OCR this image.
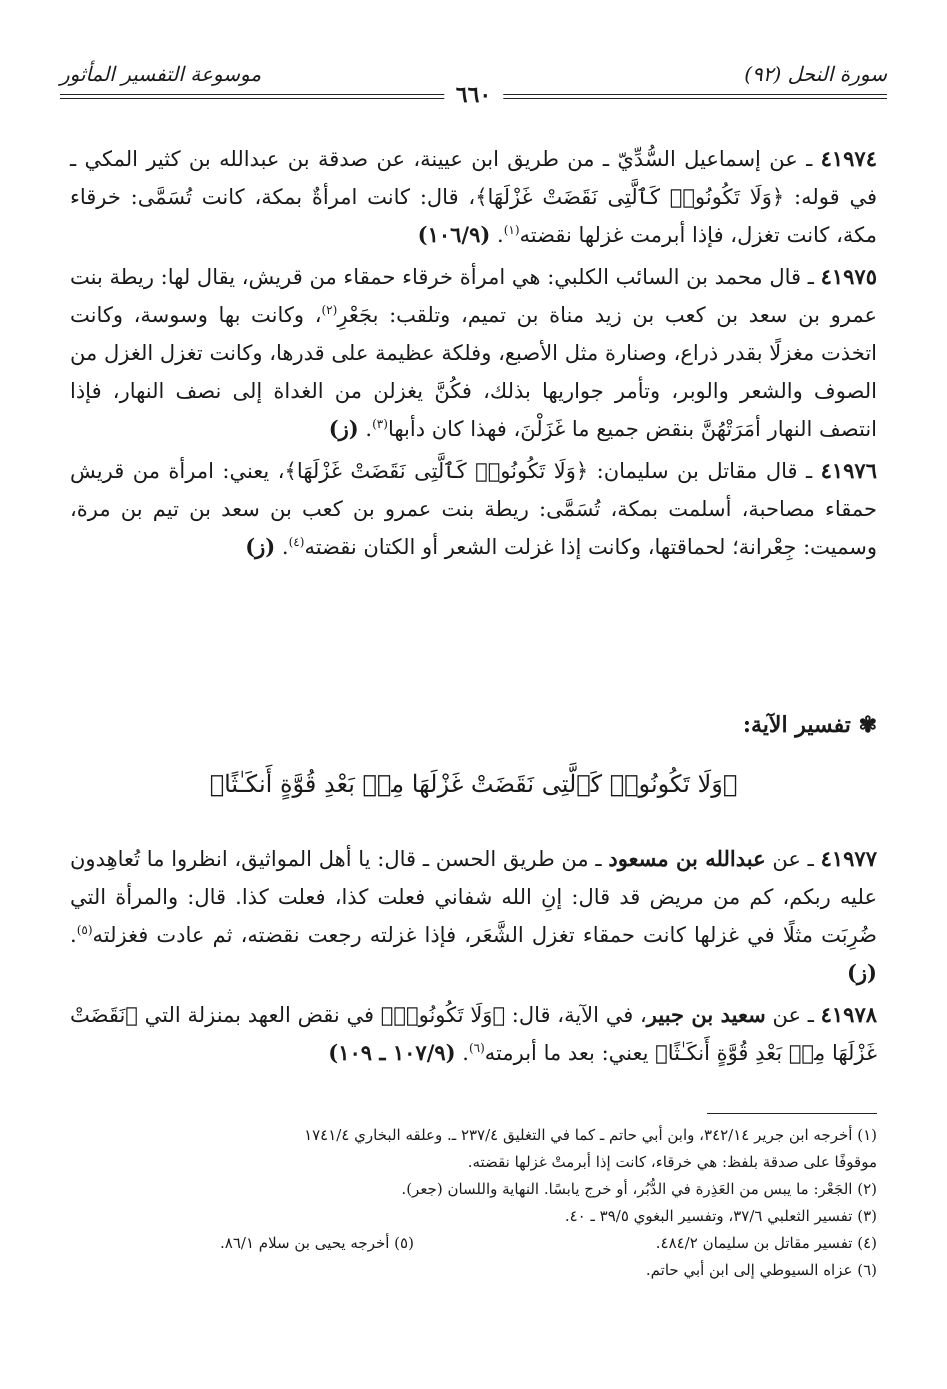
سورة النحل (٩٢)
موسوعة التفسير المأثور
٦٦٠

٤١٩٧٤ ـ عن إسماعيل السُّدِّيّ ـ من طريق ابن عيينة، عن صدقة بن عبدالله بن كثير المكي ـ في قوله: ﴿وَلَا تَكُونُوا۟ كَٱلَّتِى نَقَضَتْ غَزْلَهَا﴾، قال: كانت امرأةٌ بمكة، كانت تُسَمَّى: خرقاء مكة، كانت تغزل، فإذا أبرمت غزلها نقضته$^{(١)}$. (١٠٦/٩)

٤١٩٧٥ ـ قال محمد بن السائب الكلبي: هي امرأة خرقاء حمقاء من قريش، يقال لها: ريطة بنت عمرو بن سعد بن كعب بن زيد مناة بن تميم، وتلقب: بجَعْرِ$^{(٢)}$، وكانت بها وسوسة، وكانت اتخذت مغزلًا بقدر ذراع، وصنارة مثل الأصبع، وفلكة عظيمة على قدرها، وكانت تغزل الغزل من الصوف والشعر والوبر، وتأمر جواريها بذلك، فكُنَّ يغزلن من الغداة إلى نصف النهار، فإذا انتصف النهار أمَرَتْهُنَّ بنقض جميع ما غَزَلْنَ، فهذا كان دأبها$^{(٣)}$. (ز)

٤١٩٧٦ ـ قال مقاتل بن سليمان: ﴿وَلَا تَكُونُوا۟ كَٱلَّتِى نَقَضَتْ غَزْلَهَا﴾، يعني: امرأة من قريش حمقاء مصاحبة، أسلمت بمكة، تُسَمَّى: ريطة بنت عمرو بن كعب بن سعد بن تيم بن مرة، وسميت: جِعْرانة؛ لحماقتها، وكانت إذا غزلت الشعر أو الكتان نقضته$^{(٤)}$. (ز)

✾ تفسير الآية:
﴿وَلَا تَكُونُوا۟ كَٱلَّتِى نَقَضَتْ غَزْلَهَا مِنۢ بَعْدِ قُوَّةٍ أَنكَـٰثًا﴾

٤١٩٧٧ ـ عن عبدالله بن مسعود ـ من طريق الحسن ـ قال: يا أهل المواثيق، انظروا ما تُعاهِدون عليه ربكم، كم من مريض قد قال: إنِ الله شفاني فعلت كذا، فعلت كذا. قال: والمرأة التي ضُرِبَت مثلًا في غزلها كانت حمقاء تغزل الشَّعَر، فإذا غزلته رجعت نقضته، ثم عادت فغزلته$^{(٥)}$. (ز)

٤١٩٧٨ ـ عن سعيد بن جبير، في الآية، قال: ﴿وَلَا تَكُونُوا۟﴾ في نقض العهد بمنزلة التي ﴿نَقَضَتْ غَزْلَهَا مِنۢ بَعْدِ قُوَّةٍ أَنكَـٰثًا﴾ يعني: بعد ما أبرمته$^{(٦)}$. (١٠٧/٩ ـ ١٠٩)

(١) أخرجه ابن جرير ٣٤٢/١٤، وابن أبي حاتم ـ كما في التغليق ٢٣٧/٤ ـ. وعلقه البخاري ١٧٤١/٤
موقوفًا على صدقة بلفظ: هي خرقاء، كانت إذا أبرمتْ غزلها نقضته.
(٢) الجَعْر: ما يبس من العَذِرة في الدُّبُر، أو خرج يابسًا. النهاية واللسان (جعر).
(٣) تفسير الثعلبي ٣٧/٦، وتفسير البغوي ٣٩/٥ ـ ٤٠.
(٤) تفسير مقاتل بن سليمان ٤٨٤/٢.
(٥) أخرجه يحيى بن سلام ٨٦/١.
(٦) عزاه السيوطي إلى ابن أبي حاتم.
